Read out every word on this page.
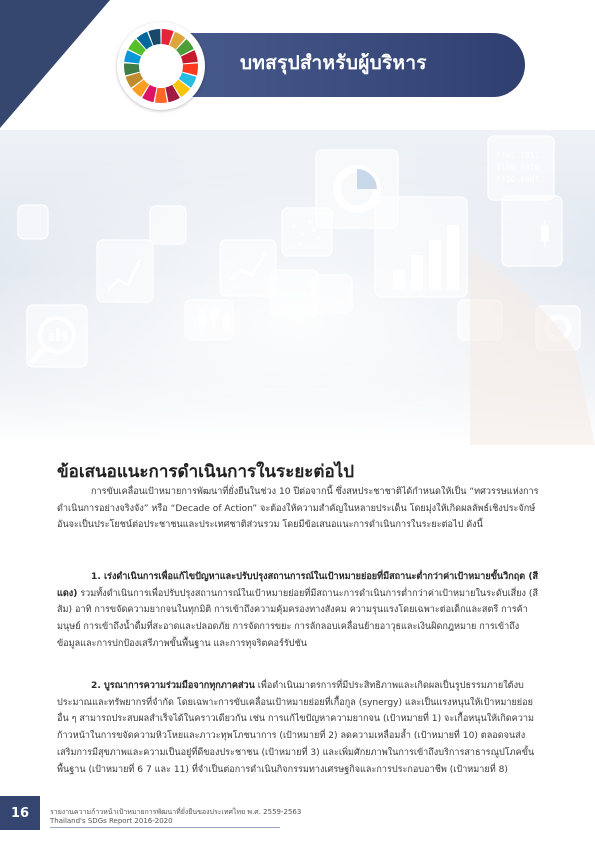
บทสรุปสำหรับผู้บริหาร
0101 1011
1100 1010
0110 1001
ข้อเสนอแนะการดำเนินการในระยะต่อไป

การขับเคลื่อนเป้าหมายการพัฒนาที่ยั่งยืนในช่วง 10 ปีต่อจากนี้ ซึ่งสหประชาชาติได้กำหนดให้เป็น “ทศวรรษแห่งการดำเนินการอย่างจริงจัง” หรือ “Decade of Action” จะต้องให้ความสำคัญในหลายประเด็น โดยมุ่งให้เกิดผลลัพธ์เชิงประจักษ์ อันจะเป็นประโยชน์ต่อประชาชนและประเทศชาติส่วนรวม โดยมีข้อเสนอแนะการดำเนินการในระยะต่อไป ดังนี้

1. เร่งดำเนินการเพื่อแก้ไขปัญหาและปรับปรุงสถานการณ์ในเป้าหมายย่อยที่มีสถานะต่ำกว่าค่าเป้าหมายขั้นวิกฤต (สีแดง) รวมทั้งดำเนินการเพื่อปรับปรุงสถานการณ์ในเป้าหมายย่อยที่มีสถานะการดำเนินการต่ำกว่าค่าเป้าหมายในระดับเสี่ยง (สีส้ม) อาทิ การขจัดความยากจนในทุกมิติ การเข้าถึงความคุ้มครองทางสังคม ความรุนแรงโดยเฉพาะต่อเด็กและสตรี การค้ามนุษย์ การเข้าถึงน้ำดื่มที่สะอาดและปลอดภัย การจัดการขยะ การลักลอบเคลื่อนย้ายอาวุธและเงินผิดกฎหมาย การเข้าถึงข้อมูลและการปกป้องเสรีภาพขั้นพื้นฐาน และการทุจริตคอร์รัปชัน

2. บูรณาการความร่วมมือจากทุกภาคส่วน เพื่อดำเนินมาตรการที่มีประสิทธิภาพและเกิดผลเป็นรูปธรรมภายใต้งบประมาณและทรัพยากรที่จำกัด โดยเฉพาะการขับเคลื่อนเป้าหมายย่อยที่เกื้อกูล (synergy) และเป็นแรงหนุนให้เป้าหมายย่อยอื่น ๆ สามารถประสบผลสำเร็จได้ในคราวเดียวกัน เช่น การแก้ไขปัญหาความยากจน (เป้าหมายที่ 1) จะเกื้อหนุนให้เกิดความก้าวหน้าในการขจัดความหิวโหยและภาวะทุพโภชนาการ (เป้าหมายที่ 2) ลดความเหลื่อมล้ำ (เป้าหมายที่ 10) ตลอดจนส่งเสริมการมีสุขภาพและความเป็นอยู่ที่ดีของประชาชน (เป้าหมายที่ 3) และเพิ่มศักยภาพในการเข้าถึงบริการสาธารณูปโภคขั้นพื้นฐาน (เป้าหมายที่ 6 7 และ 11) ที่จำเป็นต่อการดำเนินกิจกรรมทางเศรษฐกิจและการประกอบอาชีพ (เป้าหมายที่ 8)

16	รายงานความก้าวหน้าเป้าหมายการพัฒนาที่ยั่งยืนของประเทศไทย พ.ศ. 2559-2563
Thailand's SDGs Report 2016-2020
